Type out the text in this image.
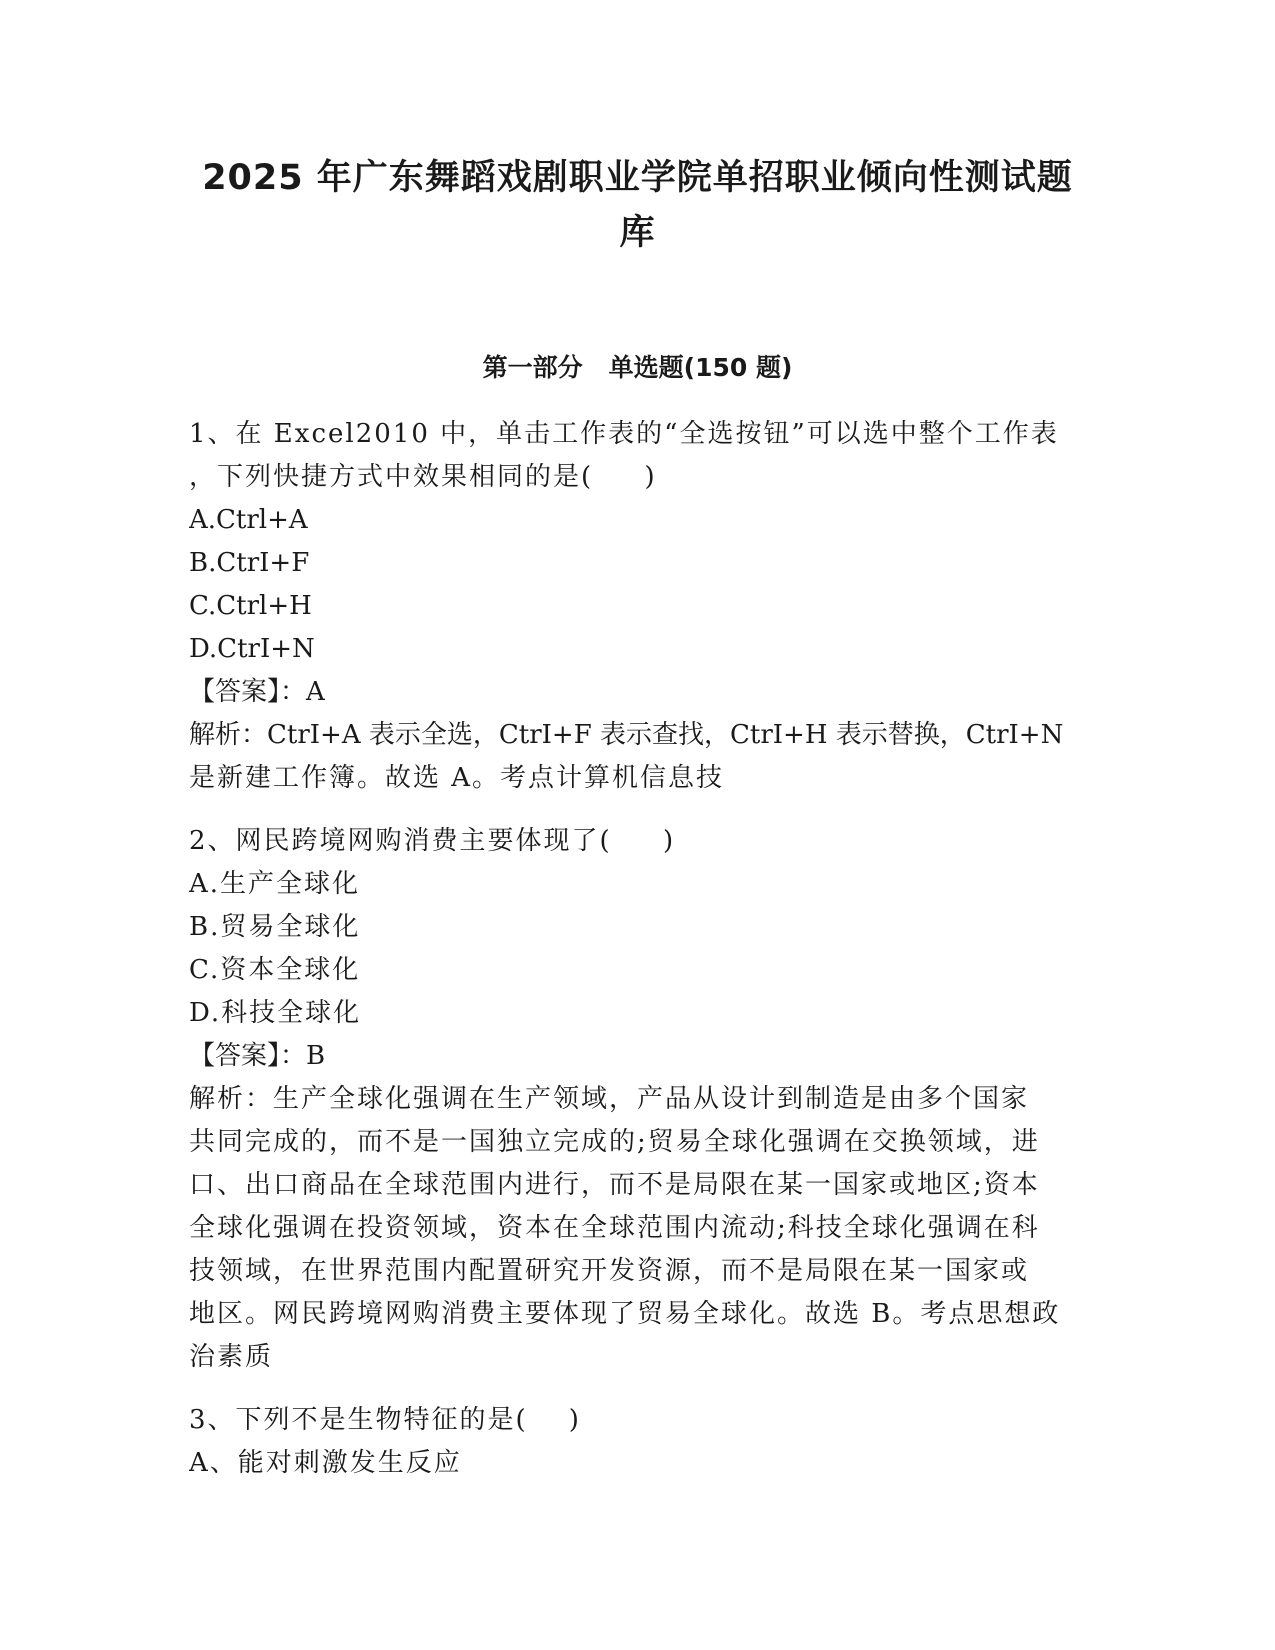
2025 年广东舞蹈戏剧职业学院单招职业倾向性测试题
库
第一部分   单选题(150 题)

1、在 Excel2010 中，单击工作表的“全选按钮”可以选中整个工作表

，下列快捷方式中效果相同的是(     )

A.Ctrl+A

B.CtrI+F

C.Ctrl+H

D.CtrI+N

【答案】：A

解析：CtrI+A 表示全选，CtrI+F 表示查找，CtrI+H 表示替换，CtrI+N

是新建工作簿。故选 A。考点计算机信息技

2、网民跨境网购消费主要体现了(     )

A.生产全球化

B.贸易全球化

C.资本全球化

D.科技全球化

【答案】：B

解析：生产全球化强调在生产领域，产品从设计到制造是由多个国家

共同完成的，而不是一国独立完成的;贸易全球化强调在交换领域，进

口、出口商品在全球范围内进行，而不是局限在某一国家或地区;资本

全球化强调在投资领域，资本在全球范围内流动;科技全球化强调在科

技领域，在世界范围内配置研究开发资源，而不是局限在某一国家或

地区。网民跨境网购消费主要体现了贸易全球化。故选 B。考点思想政

治素质

3、下列不是生物特征的是(    )

A、能对刺激发生反应
